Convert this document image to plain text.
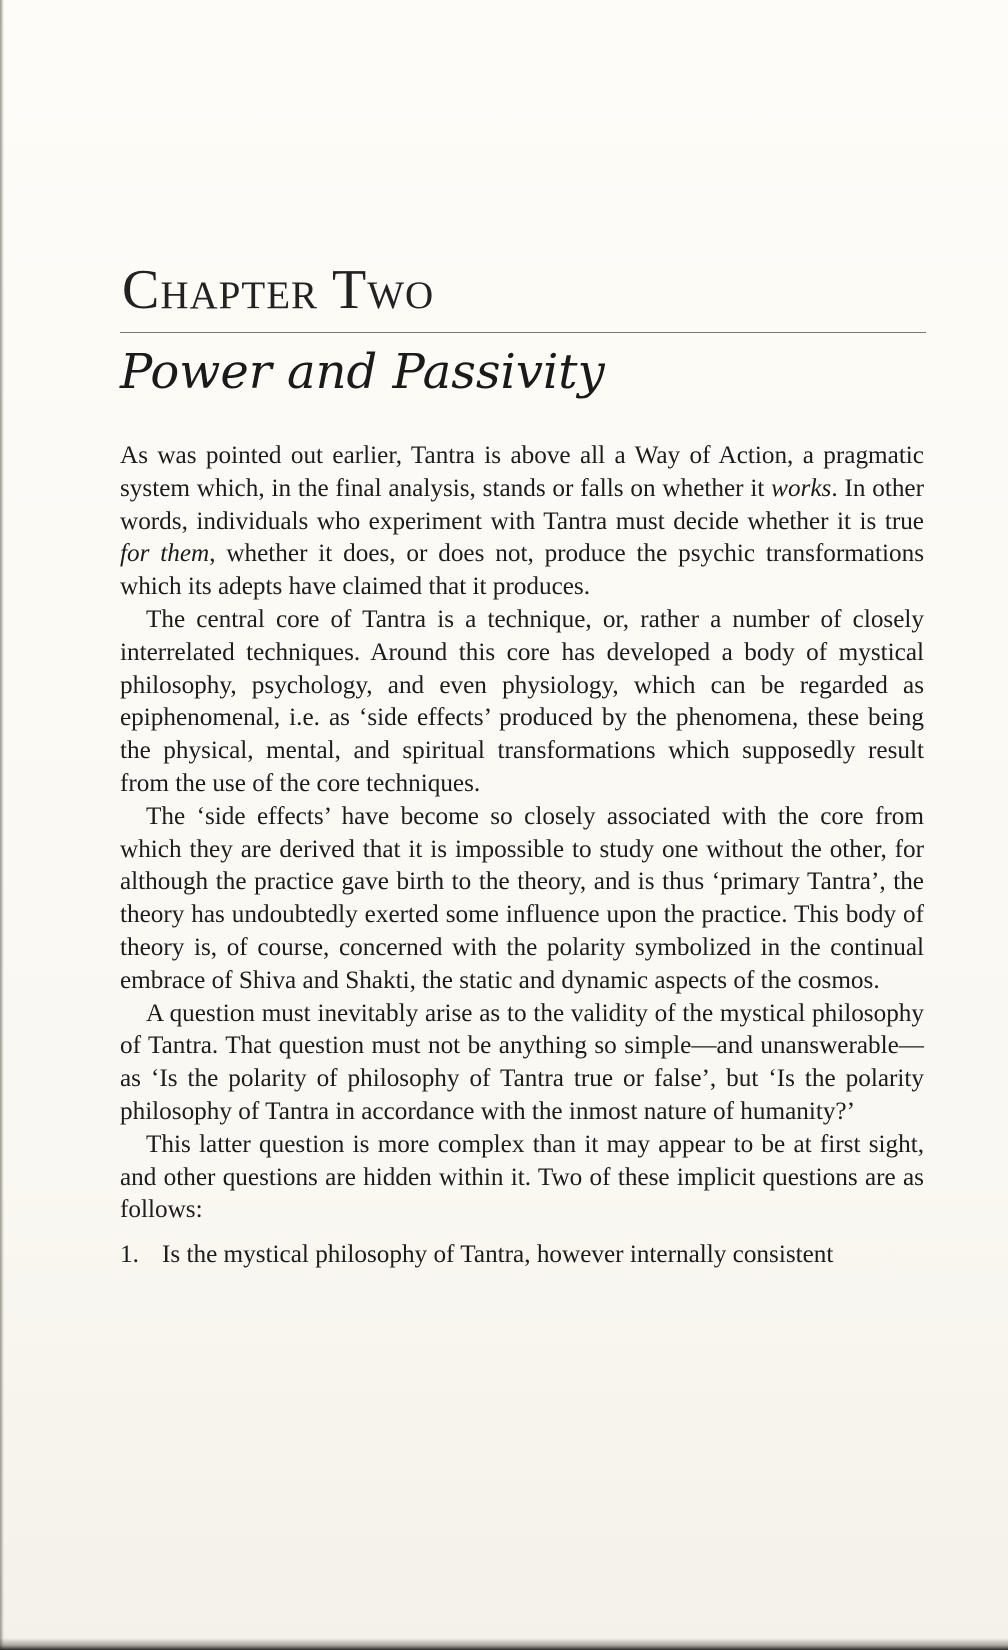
Chapter Two
Power and Passivity

As was pointed out earlier, Tantra is above all a Way of Action, a pragmatic system which, in the final analysis, stands or falls on whether it works. In other words, individuals who experiment with Tantra must decide whether it is true for them, whether it does, or does not, produce the psychic transformations which its adepts have claimed that it produces.

The central core of Tantra is a technique, or, rather a number of closely interrelated techniques. Around this core has developed a body of mystical philosophy, psychology, and even physiology, which can be regarded as epiphenomenal, i.e. as ‘side effects’ produced by the phenomena, these being the physical, mental, and spiritual transformations which supposedly result from the use of the core techniques.

The ‘side effects’ have become so closely associated with the core from which they are derived that it is impossible to study one without the other, for although the practice gave birth to the theory, and is thus ‘primary Tantra’, the theory has undoubtedly exerted some influence upon the practice. This body of theory is, of course, concerned with the polarity symbolized in the continual embrace of Shiva and Shakti, the static and dynamic aspects of the cosmos.

A question must inevitably arise as to the validity of the mystical philosophy of Tantra. That question must not be anything so simple—and unanswerable—as ‘Is the polarity of philosophy of Tantra true or false’, but ‘Is the polarity philosophy of Tantra in accordance with the inmost nature of humanity?’

This latter question is more complex than it may appear to be at first sight, and other questions are hidden within it. Two of these implicit questions are as follows:

1. Is the mystical philosophy of Tantra, however internally consistent
